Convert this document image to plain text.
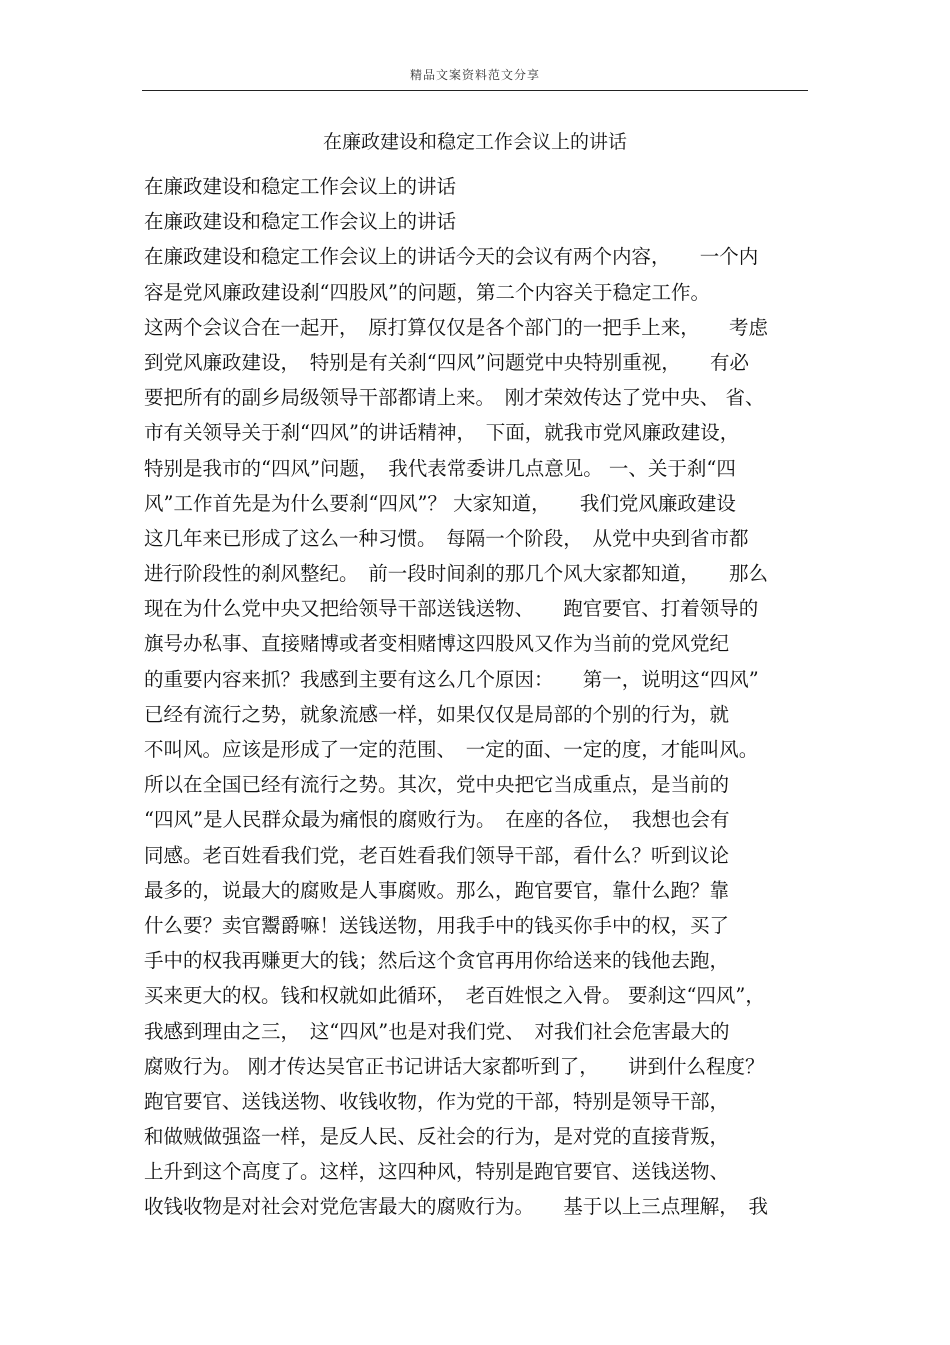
精品文案资料范文分享
在廉政建设和稳定工作会议上的讲话
在廉政建设和稳定工作会议上的讲话
在廉政建设和稳定工作会议上的讲话
在廉政建设和稳定工作会议上的讲话今天的会议有两个内容，　　一个内
容是党风廉政建设刹“四股风”的问题，第二个内容关于稳定工作。
这两个会议合在一起开，　原打算仅仅是各个部门的一把手上来，　　考虑
到党风廉政建设，　特别是有关刹“四风”问题党中央特别重视，　　有必
要把所有的副乡局级领导干部都请上来。　刚才荣效传达了党中央、 省、
市有关领导关于刹“四风”的讲话精神，　下面，就我市党风廉政建设，
特别是我市的“四风”问题，　我代表常委讲几点意见。 一、关于刹“四
风”工作首先是为什么要刹“四风”？ 大家知道，　　我们党风廉政建设
这几年来已形成了这么一种习惯。　每隔一个阶段，　从党中央到省市都
进行阶段性的刹风整纪。　前一段时间刹的那几个风大家都知道，　　那么
现在为什么党中央又把给领导干部送钱送物、　　跑官要官、打着领导的
旗号办私事、直接赌博或者变相赌博这四股风又作为当前的党风党纪
的重要内容来抓？我感到主要有这么几个原因：　　第一，说明这“四风”
已经有流行之势，就象流感一样，如果仅仅是局部的个别的行为，就
不叫风。应该是形成了一定的范围、　一定的面、一定的度，才能叫风。
所以在全国已经有流行之势。其次，党中央把它当成重点，是当前的
“四风”是人民群众最为痛恨的腐败行为。　在座的各位，　我想也会有
同感。老百姓看我们党，老百姓看我们领导干部，看什么？听到议论
最多的，说最大的腐败是人事腐败。那么，跑官要官，靠什么跑？靠
什么要？卖官鬻爵嘛！送钱送物，用我手中的钱买你手中的权，买了
手中的权我再赚更大的钱；然后这个贪官再用你给送来的钱他去跑，
买来更大的权。钱和权就如此循环，　老百姓恨之入骨。 要刹这“四风”，
我感到理由之三，　这“四风”也是对我们党、　对我们社会危害最大的
腐败行为。 刚才传达吴官正书记讲话大家都听到了，　　讲到什么程度？
跑官要官、送钱送物、收钱收物，作为党的干部，特别是领导干部，
和做贼做强盗一样，是反人民、反社会的行为，是对党的直接背叛，
上升到这个高度了。这样，这四种风，特别是跑官要官、送钱送物、
收钱收物是对社会对党危害最大的腐败行为。　　基于以上三点理解，　我
